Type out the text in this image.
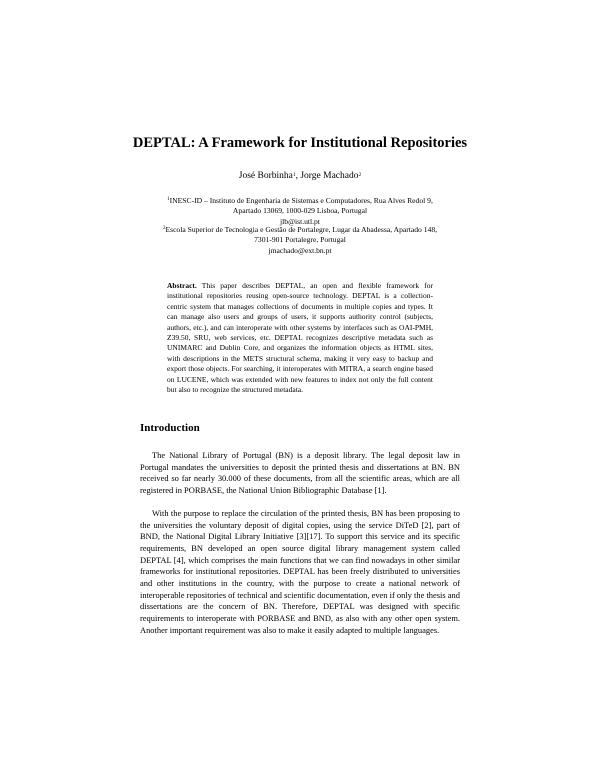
DEPTAL: A Framework for Institutional Repositories

José Borbinha$^1$, Jorge Machado$^2$

$^1$INESC-ID – Instituto de Engenharia de Sistemas e Computadores, Rua Alves Redol 9,
Apartado 13069, 1000-029 Lisboa, Portugal
jlb@ist.utl.pt
$^2$Escola Superior de Tecnologia e Gestão de Portalegre, Lugar da Abadessa, Apartado 148,
7301-901 Portalegre, Portugal
jmachado@ext.bn.pt

Abstract. This paper describes DEPTAL, an open and flexible framework for institutional repositories reusing open-source technology. DEPTAL is a collection-centric system that manages collections of documents in multiple copies and types. It can manage also users and groups of users, it supports authority control (subjects, authors, etc.), and can interoperate with other systems by interfaces such as OAI-PMH, Z39.50, SRU, web services, etc. DEPTAL recognizes descriptive metadata such as UNIMARC and Dublin Core, and organizes the information objects as HTML sites, with descriptions in the METS structural schema, making it very easy to backup and export those objects. For searching, it interoperates with MITRA, a search engine based on LUCENE, which was extended with new features to index not only the full content but also to recognize the structured metadata.

Introduction

The National Library of Portugal (BN) is a deposit library. The legal deposit law in Portugal mandates the universities to deposit the printed thesis and dissertations at BN. BN received so far nearly 30.000 of these documents, from all the scientific areas, which are all registered in PORBASE, the National Union Bibliographic Database [1].

With the purpose to replace the circulation of the printed thesis, BN has been proposing to the universities the voluntary deposit of digital copies, using the service DiTeD [2], part of BND, the National Digital Library Initiative [3][17]. To support this service and its specific requirements, BN developed an open source digital library management system called DEPTAL [4], which comprises the main functions that we can find nowadays in other similar frameworks for institutional repositories. DEPTAL has been freely distributed to universities and other institutions in the country, with the purpose to create a national network of interoperable repositories of technical and scientific documentation, even if only the thesis and dissertations are the concern of BN. Therefore, DEPTAL was designed with specific requirements to interoperate with PORBASE and BND, as also with any other open system. Another important requirement was also to make it easily adapted to multiple languages.
